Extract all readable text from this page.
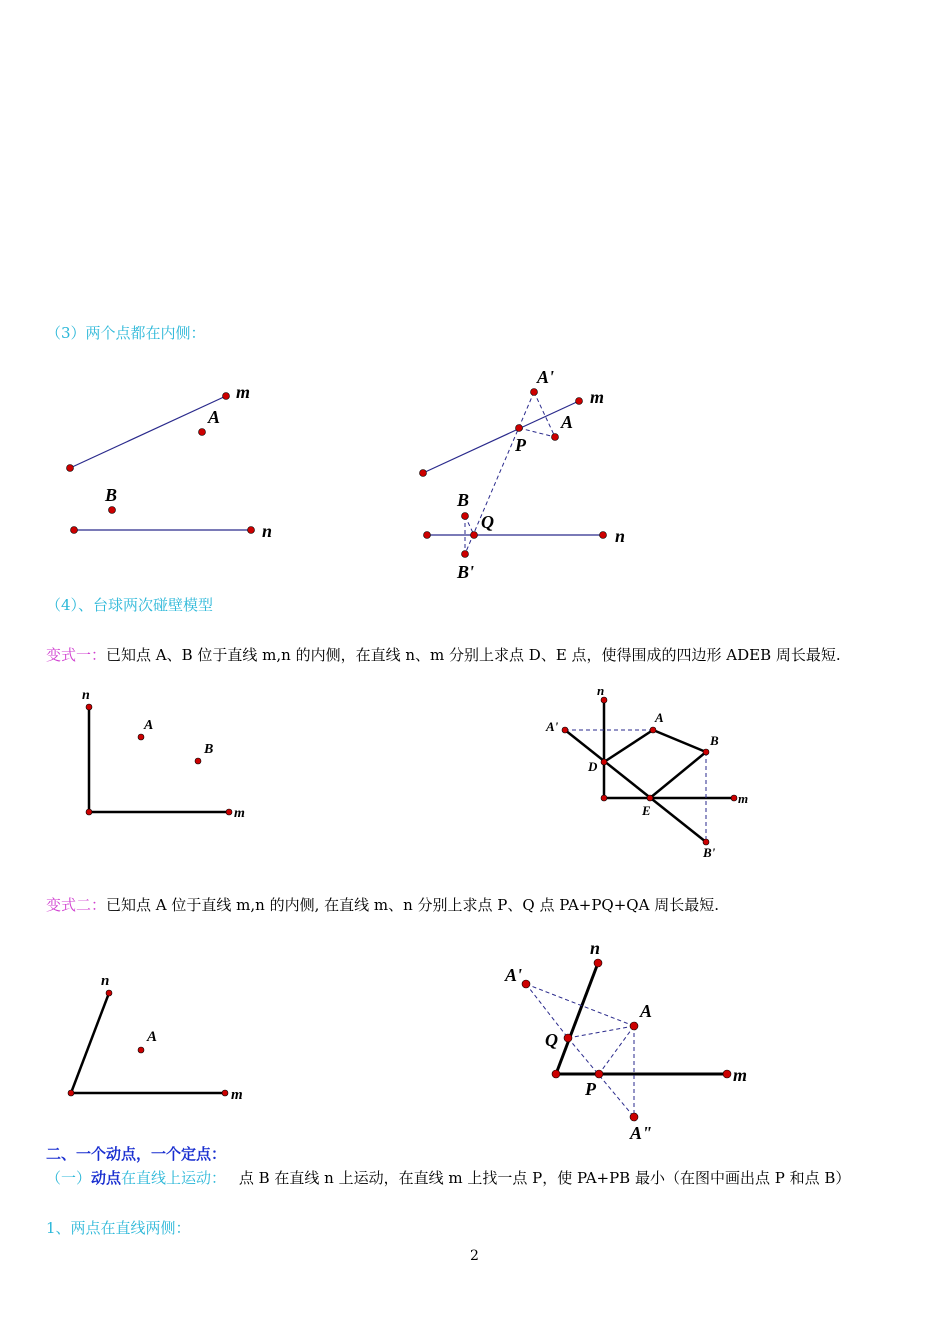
（3）两个点都在内侧：
m
A
B
n
A'
m
A
P
B
Q
n
B'
（4）、台球两次碰壁模型
变式一：已知点 A、B 位于直线 m,n 的内侧，在直线 n、m 分别上求点 D、E 点，使得围成的四边形 ADEB 周长最短.
n
A
B
m
n
A'
A
B
D
m
E
B'
变式二：已知点 A 位于直线 m,n 的内侧, 在直线 m、n 分别上求点 P、Q 点 PA+PQ+QA 周长最短.
n
A
m
n
A'
A
Q
m
P
A"
二、一个动点，一个定点：
（一）动点在直线上运动： 点 B 在直线 n 上运动，在直线 m 上找一点 P，使 PA+PB 最小（在图中画出点 P 和点 B）
1、两点在直线两侧：
2
